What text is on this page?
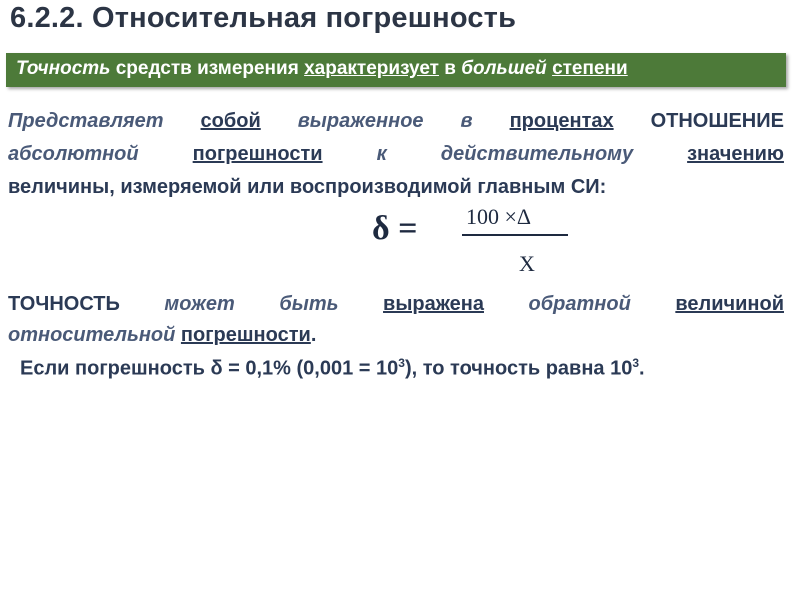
6.2.2. Относительная погрешность
Точность средств измерения характеризует в большей степени
Представляет собой выраженное в процентах ОТНОШЕНИЕ
абсолютной	погрешности	к	действительному	значению
величины, измеряемой или воспроизводимой главным СИ:
δ = 100 ×Δ
X
ТОЧНОСТЬ может быть выражена обратной величиной
относительной погрешности.
Если погрешность δ = 0,1% $(0,001 = 10^3)$, то точность равна $10^3$.
